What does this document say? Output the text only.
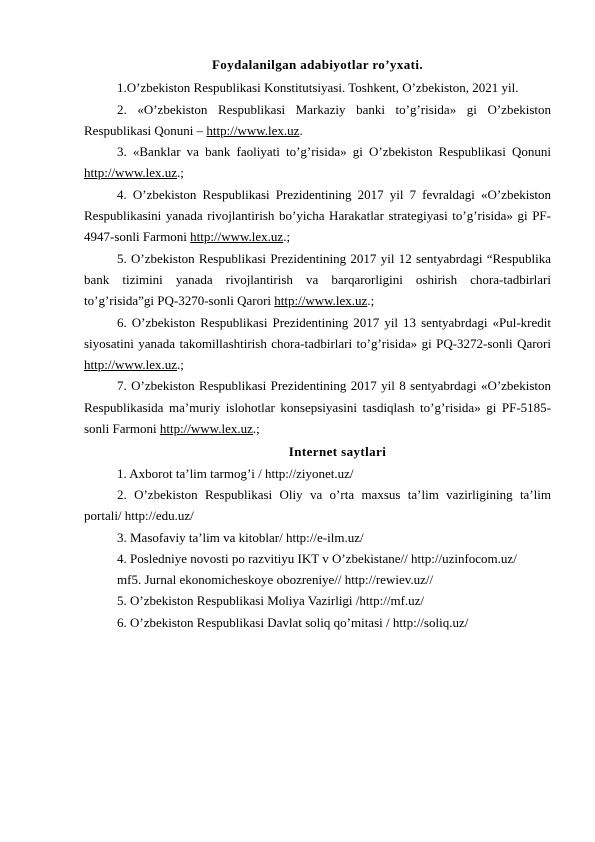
Foydalanilgan adabiyotlar ro’yxati.

1.O’zbekiston Respublikasi Konstitutsiyasi. Toshkent, O’zbekiston, 2021 yil.

2. «O’zbekiston Respublikasi Markaziy banki to’g’risida» gi O’zbekiston Respublikasi Qonuni – http://www.lex.uz.

3. «Banklar va bank faoliyati to’g’risida» gi O’zbekiston Respublikasi Qonuni http://www.lex.uz.;

4. O’zbekiston Respublikasi Prezidentining 2017 yil 7 fevraldagi «O’zbekiston Respublikasini yanada rivojlantirish bo’yicha Harakatlar strategiyasi to’g’risida» gi PF-4947-sonli Farmoni http://www.lex.uz.;

5. O’zbekiston Respublikasi Prezidentining 2017 yil 12 sentyabrdagi “Respublika bank tizimini yanada rivojlantirish va barqarorligini oshirish chora-tadbirlari to’g’risida”gi PQ-3270-sonli Qarori http://www.lex.uz.;

6. O’zbekiston Respublikasi Prezidentining 2017 yil 13 sentyabrdagi «Pul-kredit siyosatini yanada takomillashtirish chora-tadbirlari to’g’risida» gi PQ-3272-sonli Qarori http://www.lex.uz.;

7. O’zbekiston Respublikasi Prezidentining 2017 yil 8 sentyabrdagi «O’zbekiston Respublikasida ma’muriy islohotlar konsepsiyasini tasdiqlash to’g’risida» gi PF-5185-sonli Farmoni http://www.lex.uz.;

Internet saytlari

1. Axborot ta’lim tarmog’i / http://ziyonet.uz/

2. O’zbekiston Respublikasi Oliy va o’rta maxsus ta’lim vazirligining ta’lim portali/ http://edu.uz/

3. Masofaviy ta’lim va kitoblar/ http://e-ilm.uz/

4. Posledniye novosti po razvitiyu IKT v O’zbekistane// http://uzinfocom.uz/

mf5. Jurnal ekonomicheskoye obozreniye// http://rewiev.uz//

5. O’zbekiston Respublikasi Moliya Vazirligi /http://mf.uz/

6. O’zbekiston Respublikasi Davlat soliq qo’mitasi / http://soliq.uz/
